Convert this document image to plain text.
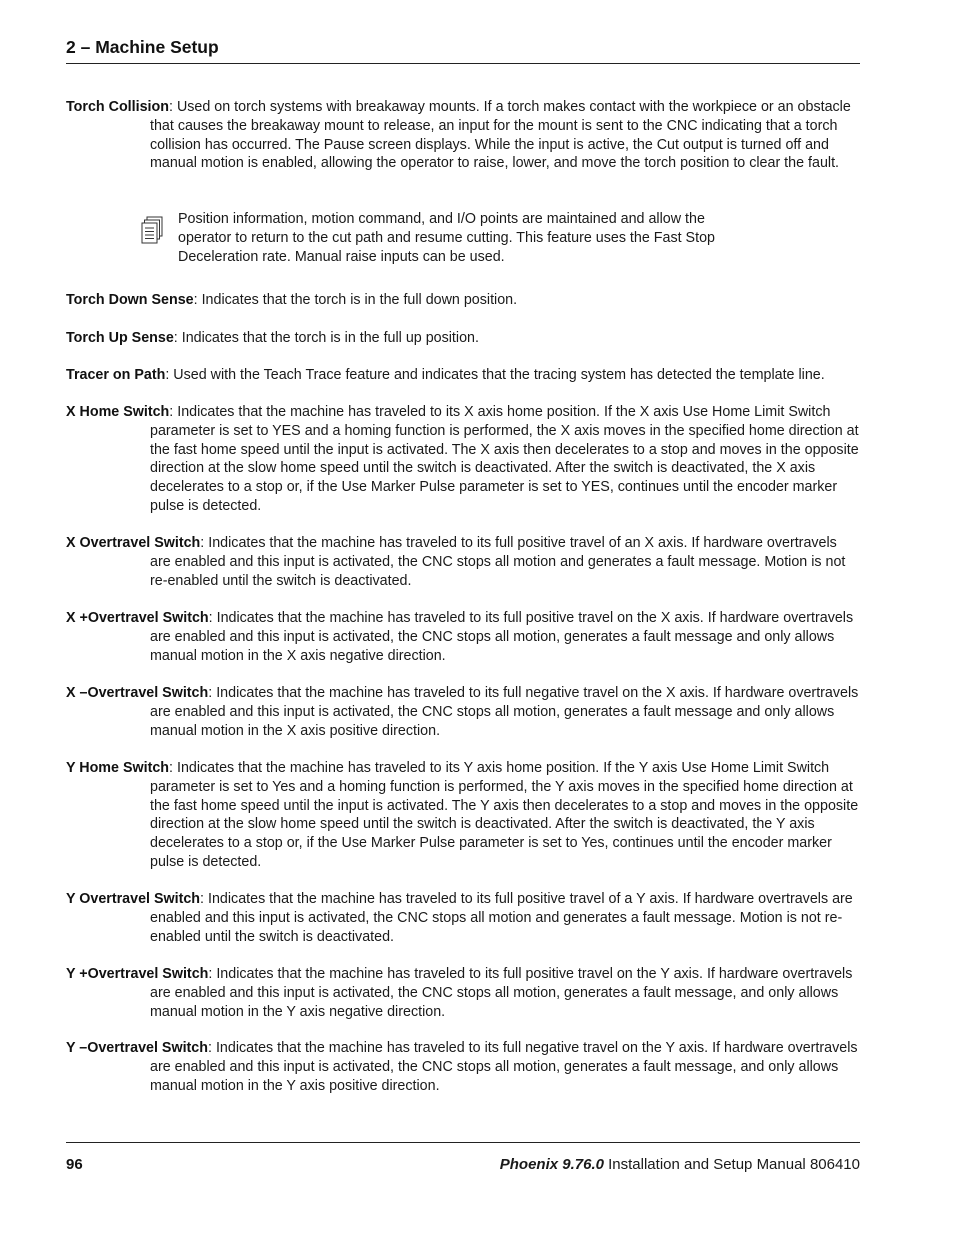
2 – Machine Setup
Torch Collision: Used on torch systems with breakaway mounts. If a torch makes contact with the workpiece or an obstacle that causes the breakaway mount to release, an input for the mount is sent to the CNC indicating that a torch collision has occurred. The Pause screen displays. While the input is active, the Cut output is turned off and manual motion is enabled, allowing the operator to raise, lower, and move the torch position to clear the fault.
Position information, motion command, and I/O points are maintained and allow the operator to return to the cut path and resume cutting. This feature uses the Fast Stop Deceleration rate. Manual raise inputs can be used.
Torch Down Sense: Indicates that the torch is in the full down position.
Torch Up Sense: Indicates that the torch is in the full up position.
Tracer on Path: Used with the Teach Trace feature and indicates that the tracing system has detected the template line.
X Home Switch: Indicates that the machine has traveled to its X axis home position. If the X axis Use Home Limit Switch parameter is set to YES and a homing function is performed, the X axis moves in the specified home direction at the fast home speed until the input is activated. The X axis then decelerates to a stop and moves in the opposite direction at the slow home speed until the switch is deactivated. After the switch is deactivated, the X axis decelerates to a stop or, if the Use Marker Pulse parameter is set to YES, continues until the encoder marker pulse is detected.
X Overtravel Switch: Indicates that the machine has traveled to its full positive travel of an X axis. If hardware overtravels are enabled and this input is activated, the CNC stops all motion and generates a fault message. Motion is not re-enabled until the switch is deactivated.
X +Overtravel Switch: Indicates that the machine has traveled to its full positive travel on the X axis. If hardware overtravels are enabled and this input is activated, the CNC stops all motion, generates a fault message and only allows manual motion in the X axis negative direction.
X –Overtravel Switch: Indicates that the machine has traveled to its full negative travel on the X axis. If hardware overtravels are enabled and this input is activated, the CNC stops all motion, generates a fault message and only allows manual motion in the X axis positive direction.
Y Home Switch: Indicates that the machine has traveled to its Y axis home position. If the Y axis Use Home Limit Switch parameter is set to Yes and a homing function is performed, the Y axis moves in the specified home direction at the fast home speed until the input is activated. The Y axis then decelerates to a stop and moves in the opposite direction at the slow home speed until the switch is deactivated. After the switch is deactivated, the Y axis decelerates to a stop or, if the Use Marker Pulse parameter is set to Yes, continues until the encoder marker pulse is detected.
Y Overtravel Switch: Indicates that the machine has traveled to its full positive travel of a Y axis. If hardware overtravels are enabled and this input is activated, the CNC stops all motion and generates a fault message. Motion is not re-enabled until the switch is deactivated.
Y +Overtravel Switch: Indicates that the machine has traveled to its full positive travel on the Y axis. If hardware overtravels are enabled and this input is activated, the CNC stops all motion, generates a fault message, and only allows manual motion in the Y axis negative direction.
Y –Overtravel Switch: Indicates that the machine has traveled to its full negative travel on the Y axis. If hardware overtravels are enabled and this input is activated, the CNC stops all motion, generates a fault message, and only allows manual motion in the Y axis positive direction.
96	Phoenix 9.76.0 Installation and Setup Manual 806410
